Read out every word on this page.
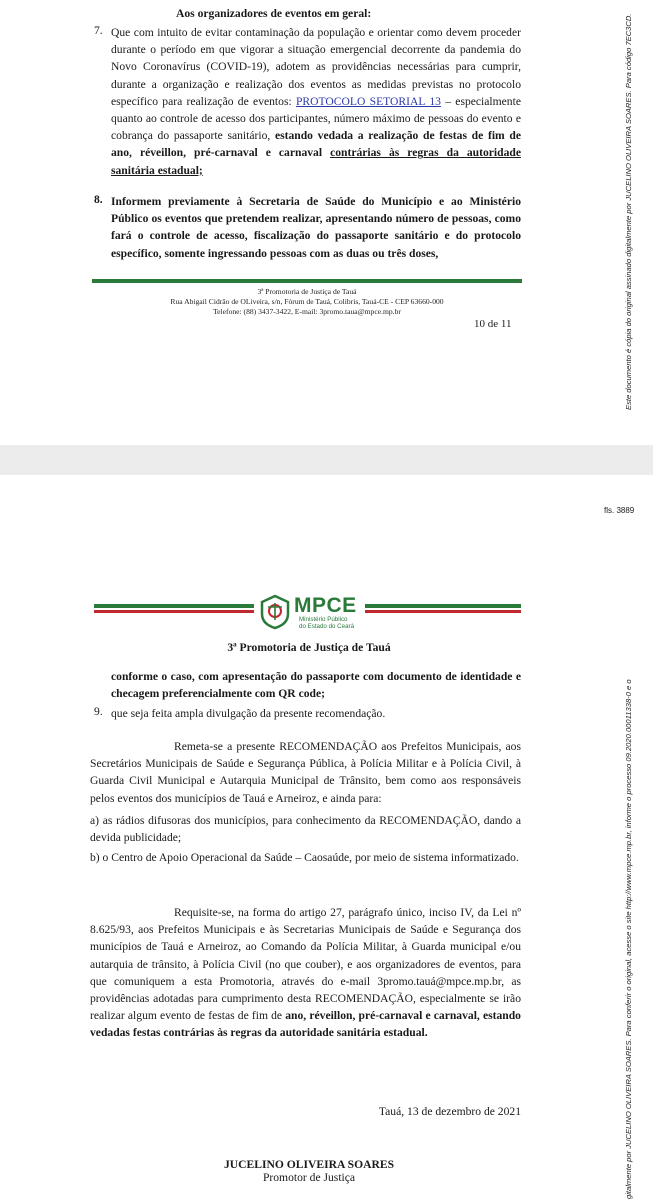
Aos organizadores de eventos em geral:
7. Que com intuito de evitar contaminação da população e orientar como devem proceder durante o período em que vigorar a situação emergencial decorrente da pandemia do Novo Coronavírus (COVID-19), adotem as providências necessárias para cumprir, durante a organização e realização dos eventos as medidas previstas no protocolo específico para realização de eventos: PROTOCOLO SETORIAL 13 – especialmente quanto ao controle de acesso dos participantes, número máximo de pessoas do evento e cobrança do passaporte sanitário, estando vedada a realização de festas de fim de ano, réveillon, pré-carnaval e carnaval contrárias às regras da autoridade sanitária estadual;
8. Informem previamente à Secretaria de Saúde do Município e ao Ministério Público os eventos que pretendem realizar, apresentando número de pessoas, como fará o controle de acesso, fiscalização do passaporte sanitário e do protocolo específico, somente ingressando pessoas com as duas ou três doses,
3ª Promotoria de Justiça de Tauá
Rua Abigail Cidrão de OLiveira, s/n, Fórum de Tauá, Colibris, Tauá-CE - CEP 63660-000
Telefone: (88) 3437-3422, E-mail: 3promo.taua@mpce.mp.br
10 de 11	Este documento é cópia do original assinado digitalmente por JUCELINO OLIVEIRA SOARES. Para código 7EC3CD.
fls. 3889
MPCE
Ministério Público
do Estado do Ceará
3ª Promotoria de Justiça de Tauá
conforme o caso, com apresentação do passaporte com documento de identidade e checagem preferencialmente com QR code;
9. que seja feita ampla divulgação da presente recomendação.
Remeta-se a presente RECOMENDAÇÃO aos Prefeitos Municipais, aos Secretários Municipais de Saúde e Segurança Pública, à Polícia Militar e à Polícia Civil, à Guarda Civil Municipal e Autarquia Municipal de Trânsito, bem como aos responsáveis pelos eventos dos municípios de Tauá e Arneiroz, e ainda para:
a) as rádios difusoras dos municípios, para conhecimento da RECOMENDAÇÃO, dando a devida publicidade;
b) o Centro de Apoio Operacional da Saúde – Caosaúde, por meio de sistema informatizado.
Requisite-se, na forma do artigo 27, parágrafo único, inciso IV, da Lei nº 8.625/93, aos Prefeitos Municipais e às Secretarias Municipais de Saúde e Segurança dos municípios de Tauá e Arneiroz, ao Comando da Polícia Militar, à Guarda municipal e/ou autarquia de trânsito, à Polícia Civil (no que couber), e aos organizadores de eventos, para que comuniquem a esta Promotoria, através do e-mail 3promo.tauá@mpce.mp.br, as providências adotadas para cumprimento desta RECOMENDAÇÃO, especialmente se irão realizar algum evento de festas de fim de ano, réveillon, pré-carnaval e carnaval, estando vedadas festas contrárias às regras da autoridade sanitária estadual.
Tauá, 13 de dezembro de 2021
JUCELINO OLIVEIRA SOARES
Promotor de Justiça	gitalmente por JUCELINO OLIVEIRA SOARES. Para conferir o original, acesse o site http://www.mpce.mp.br, informe o processo 09.2020.00011338-0 e o
